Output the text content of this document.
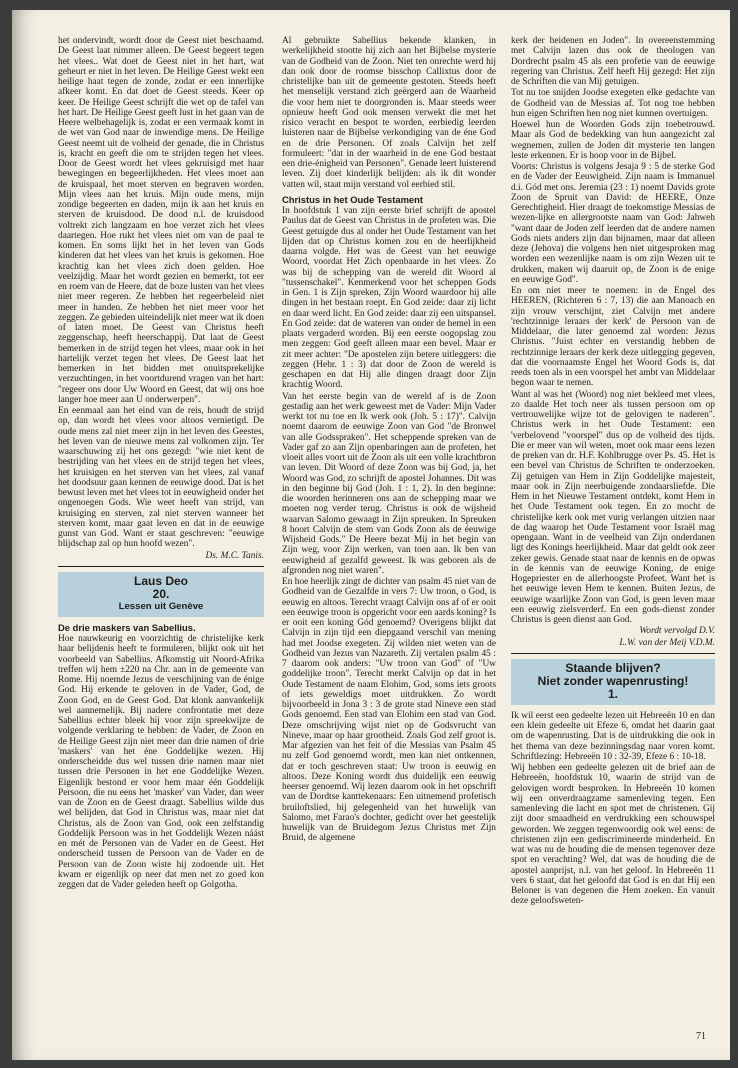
het ondervindt, wordt door de Geest niet beschaamd. De Geest laat nimmer alleen. De Geest begeert tegen het vlees.. Wat doet de Geest niet in het hart, wat geheurt er niet in het leven. De Heilige Geest wekt een heilige haat tegen de zonde, zodat er een innerlijke afkeer komt. En dat doet de Geest steeds. Keer op keer. De Heilige Geest schrijft die wet op de tafel van het hart. De Heilige Geest geeft lust in het gaan van de Heere welbehagelijk is, zodat er een vermaak komt in de wet van God naar de inwendige mens. De Heilige Geest neemt uit de volheid der genade, die in Christus is, kracht en geeft die om te strijden tegen het vlees. Door de Geest wordt het vlees gekruisigd met haar bewegingen en begeerlijkheden. Het vlees moet aan de kruispaal, het moet sterven en begraven worden. Mijn vlees aan het kruis. Mijn oude mens, mijn zondige begeerten en daden, mijn ik aan het kruis en sterven de kruisdood. De dood n.l. de kruisdood voltrekt zich langzaam en hoe verzet zich het vlees daartegen. Hoe rukt het vlees niet om van de paal te komen. En soms lijkt het in het leven van Gods kinderen dat het vlees van het kruis is gekomen. Hoe krachtig kan het vlees zich doen gelden. Hoe veelzijdig. Maar het wordt gezien en bemerkt, tot eer en roem van de Heere, dat de boze lusten van het vlees niet meer regeren. Ze hebben het regeerbeleid niet meer in handen. Ze hebben het niet meer voor het zeggen. Ze gebieden uiteindelijk niet meer wat ik doen of laten moet. De Geest van Christus heeft zeggenschap, heeft heerschappij. Dat laat de Geest bemerken in de strijd tegen het vlees, maar ook in het hartelijk verzet tegen het vlees. De Geest laat het bemerken in het bidden met onuitsprekelijke verzuchtingen, in het voortdurend vragen van het hart: "regeer ons door Uw Woord en Geest, dat wij ons hoe langer hoe meer aan U onderwerpen".

En eenmaal aan het eind van de reis, houdt de strijd op, dan wordt het vlees voor altoos vernietigd. De oude mens zal niet meer zijn in het leven des Geestes, het leven van de nieuwe mens zal volkomen zijn. Ter waarschuwing zij het ons gezegd: "wie niet kent de bestrijding van het vlees en de strijd tegen het vlees, het kruisigen en het sterven van het vlees, zal vanaf het doodsuur gaan kennen de eeuwige dood. Dat is het bewust leven met het vlees tot in eeuwigheid onder het ongenoegen Gods. Wie weet heeft van strijd, van kruisiging en sterven, zal niet sterven wanneer het sterven komt, maar gaat leven en dat in de eeuwige gunst van God. Want er staat geschreven: "eeuwige blijdschap zal op hun hoofd wezen".

Ds. M.C. Tanis.

Laus Deo
20.
Lessen uit Genève
De drie maskers van Sabellius.

Hoe nauwkeurig en voorzichtig de christelijke kerk haar belijdenis heeft te formuleren, blijkt ook uit het voorbeeld van Sabellius. Afkomstig uit Noord-Afrika treffen wij hem ±220 na Chr. aan in de gemeente van Rome. Hij noemde Jezus de verschijning van de énige God. Hij erkende te geloven in de Vader, God, de Zoon God, en de Geest God. Dat klonk aanvankelijk wel aannemelijk. Bij nadere confrontatie met deze Sabellius echter bleek hij voor zijn spreekwijze de volgende verklaring te hebben: de Vader, de Zoon en de Heilige Geest zijn niet meer dan drie namen of drie 'maskers' van het éne Goddelijke wezen. Hij onderscheidde dus wel tussen drie namen maar niet tussen drie Personen in het ene Goddelijke Wezen. Eigenlijk bestond er voor hem maar één Goddelijk Persoon, die nu eens het 'masker' van Vader, dan weer van de Zoon en de Geest draagt. Sabellius wilde dus wel belijden, dat God in Christus was, maar niet dat Christus, als de Zoon van God, ook een zelfstandig Goddelijk Persoon was in het Goddelijk Wezen náást en mét de Personen van de Vader en de Geest. Het onderscheid tussen de Persoon van de Vader en de Persoon van de Zoon wiste hij zodoende uit. Het kwam er eigenlijk op neer dat men net zo goed kon zeggen dat de Vader geleden heeft op Golgotha.

Al gebruikte Sabellius bekende klanken, in werkelijkheid stootte hij zich aan het Bijbelse mysterie van de Godheid van de Zoon. Niet ten onrechte werd hij dan ook door de roomse bisschop Callixtus door de christelijke ban uit de gemeente gestoten. Steeds heeft het menselijk verstand zich geërgerd aan de Waarheid die voor hem niet te doorgronden is. Maar steeds weer opnieuw heeft God ook mensen verwekt die met het risico veracht en bespot te worden, eerbiedig leerden luisteren naar de Bijbelse verkondiging van de éne God en de drie Personen. Of zoals Calvijn het zelf formuleert: "dat in der waarheid in de ene God bestaat een drie-énigheid van Personen". Genade leert luisterend leven. Zij doet kinderlijk belijden: als ik dit wonder vatten wil, staat mijn verstand vol eerbied stil.

Christus in het Oude Testament

In hoofdstuk 1 van zijn eerste brief schrijft de apostel Paulus dat de Geest van Christus in de profeten was. Die Geest getuigde dus al onder het Oude Testament van het lijden dat op Christus komen zou en de heerlijkheid daarna volgde. Het was de Geest van het eeuwige Woord, voordat Het Zich openbaarde in het vlees. Zo was bij de schepping van de wereld dit Woord al "tussenschakel". Kenmerkend voor het scheppen Gods in Gen. 1 is Zijn spreken, Zijn Woord waardoor hij alle dingen in het bestaan roept. En God zeide: daar zij licht en daar werd licht. En God zeide: daar zij een uitspansel. En God zeide: dat de wateren van onder de hemel in een plaats vergaderd worden. Bij een eerste oogopslag zou men zeggen: God geeft alleen maar een bevel. Maar er zit meer achter: "De apostelen zijn betere uitleggers: die zeggen (Hebr. 1 : 3) dat door de Zoon de wereld is geschapen en dat Hij alle dingen draagt door Zijn krachtig Woord.

Van het eerste begin van de wereld af is de Zoon gestadig aan het werk geweest met de Vader: Mijn Vader werkt tot nu toe en Ik werk ook (Joh. 5 : 17)". Calvijn noemt daarom de eeuwige Zoon van God "de Bronwel van alle Godsspraken". Het scheppende spreken van de Vader gaf zo aan Zijn openbaringen aan de profeten, het vloeit alles voort uit de Zoon als uit een volle krachtbron van leven. Dit Woord of deze Zoon was bij God, ja, het Woord was God, zo schrijft de apostel Johannes. Dit was in den beginne bij God (Joh. 1 : 1, 2). In den beginne: die woorden herinneren ons aan de schepping maar we moeten nog verder terug. Christus is ook de wijsheid waarvan Salomo gewaagt in Zijn spreuken. In Spreuken 8 hoort Calvijn de stem van Gods Zoon als de éeuwige Wijsheid Gods." De Heere bezat Mij in het begin van Zijn weg, voor Zijn werken, van toen aan. Ik ben van eeuwigheid af gezalfd geweest. Ik was geboren als de afgronden nog niet waren".

En hoe heerlijk zingt de dichter van psalm 45 niet van de Godheid van de Gezalfde in vers 7: Uw troon, o God, is eeuwig en altoos. Terecht vraagt Calvijn ons af of er ooit een éeuwige troon is opgericht voor een aards koning? Is er ooit een koning Gód genoemd? Overigens blijkt dat Calvijn in zijn tijd een diepgaand verschil van mening had met Joodse exegeten. Zij wilden niet weten van de Godheid van Jezus van Nazareth. Zij vertalen psalm 45 : 7 daarom ook anders: "Uw troon van God" of "Uw goddelijke troon". Terecht merkt Calvijn op dat in het Oude Testament de naam Elohim, God, soms iets groots of iets geweldigs moet uitdrukken. Zo wordt bijvoorbeeld in Jona 3 : 3 de grote stad Nineve een stad Gods genoemd. Een stad van Elohim een stad van God. Deze omschrijving wijst niet op de Godsvrucht van Nineve, maar op haar grootheid. Zoals God zelf groot is. Mar afgezien van het feit of die Messias van Psalm 45 nu zelf God genoemd wordt, men kan niet ontkennen, dat er toch geschreven staat: Uw troon is eeuwig en altoos. Deze Koning wordt dus duidelijk een eeuwig heerser genoemd. Wij lezen daarom ook in het opschrift van de Dordtse kanttekenaars: Een uitnemend profetisch bruiloftslied, bij gelegenheid van het huwelijk van Salomo, met Farao's dochter, gedicht over het geestelijk huwelijk van de Bruidegom Jezus Christus met Zijn Bruid, de algemene

kerk der heidenen en Joden". In overeenstemming met Calvijn lazen dus ook de theologen van Dordrecht psalm 45 als een profetie van de eeuwige regering van Christus. Zelf heeft Hij gezegd: Het zijn de Schriften die van Mij getuigen.

Tot nu toe snijden Joodse exegeten elke gedachte van de Godheid van de Messias af. Tot nog toe hebben hun eigen Schriften hen nog niet kunnen overtuigen.

Hoewel hun de Woorden Gods zijn toebetrouwd. Maar als God de bedekking van hun aangezicht zal wegnemen, zullen de Joden dit mysterie ten langen leste erkennen. Er is hoop voor in de Bijbel.

Voorts: Christus is volgens Jesaja 9 : 5 de sterke God en de Vader der Eeuwigheid. Zijn naam is Immanuel d.i. Gód met ons. Jeremia (23 : 1) noemt Davids grote Zoon de Spruit van David: de HEERE, Onze Gerechtigheid. Hier draagt de toekomstige Messias de wezen-lijke en allergrootste naam van God: Jahweh "want daar de Joden zelf leerden dat de andere namen Gods niets anders zijn dan bijnamen, maar dat alleen deze (Jehova) die volgens hen niet uitgesproken mag worden een wezenlijke naam is om zijn Wezen uit te drukken, maken wij daaruit op, de Zoon is de enige en eeuwige God".

En om niet meer te noemen: in de Engel des HEEREN, (Richteren 6 : 7, 13) die aan Manoach en zijn vrouw verschijnt, ziet Calvijn met andere 'rechtzinnige leraars der kerk' de Persoon van de Middelaar, die later genoemd zal worden: Jezus Christus. "Juist echter en verstandig hebben de rechtzinnige leraars der kerk deze uitlegging gegeven, dat die voornaamste Engel het Woord Gods is, dat reeds toen als in een voorspel het ambt van Middelaar begon waar te nemen.

Want al was het (Woord) nog niet bekleed met vlees, zo daalde Het toch neer als tussen persoon om op vertrouwelijke wijze tot de gelovigen te naderen". Christus werk in het Oude Testament: een 'verbelovend "voorspel" dus op de volheid des tijds. Die er meer van wil weten, moet ook maar eens lezen de preken van dr. H.F. Kohlbrugge over Ps. 45. Het is een bevel van Christus de Schriften te onderzoeken. Zij getuigen van Hem in Zijn Goddelijke majesteit, maar ook in Zijn neerbuigende zondaarsliefde. Die Hem in het Nieuwe Testament ontdekt, komt Hem in het Oude Testament ook tegen. En zo mocht de christelijke kerk ook met vurig verlangen uitzien naar de dag waarop het Oude Testament voor Israël mag opengaan. Want in de veelheid van Zijn onderdanen ligt des Konings heerlijkheid. Maar dat geldt ook zeer zeker gewis. Genade staat naar de kennis en de opwas in de kennis van de eeuwige Koning, de enige Hogepriester en de allerhoogste Profeet. Want het is het eeuwige leven Hem te kennen. Buiten Jezus, de eeuwige waarlijke Zoon van God, is geen leven maar een eeuwig zielsverderf. En een gods-dienst zonder Christus is geen dienst aan God.

Wordt vervolgd D.V.

L.W. van der Meij V.D.M.

Staande blijven?
Niet zonder wapenrusting!
1.

Ik wil eerst een gedeelte lezen uit Hebreeën 10 en dan een klein gedeelte uit Efeze 6, omdat het daarin gaat om de wapenrusting. Dat is de uitdrukking die ook in het thema van deze bezinningsdag naar voren komt. Schriftlezing: Hebreeën 10 : 32-39, Efeze 6 : 10-18.

Wij hebben een gedeelte gelezen uit de brief aan de Hebreeën, hoofdstuk 10, waarin de strijd van de gelovigen wordt besproken. In Hebreeën 10 komen wij een onverdraagzame samenleving tegen. Een samenleving die lacht en spot met de christenen. Gij zijt door smaadheid en verdrukking een schouwspel geworden. We zeggen tegenwoordig ook wel eens: de christenen zijn een gediscrimineerde minderheid. En wat was nu de houding die de mensen tegenover deze spot en verachting? Wel, dat was de houding die de apostel aanprijst, n.l. van het geloof. In Hebreeën 11 vers 6 staat, dat het geloofd dat God is en dat Hij een Beloner is van degenen die Hem zoeken. En vanuit deze geloofsweten-

71
